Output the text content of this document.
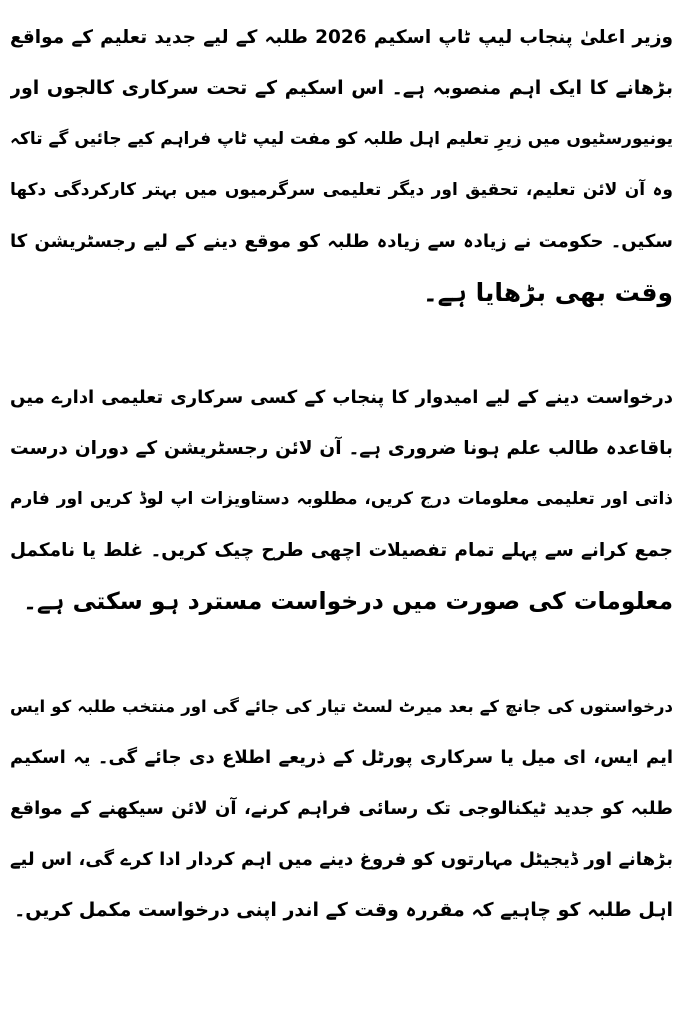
وزیر اعلیٰ پنجاب لیپ ٹاپ اسکیم 2026 طلبہ کے لیے جدید تعلیم کے مواقع
بڑھانے کا ایک اہم منصوبہ ہے۔ اس اسکیم کے تحت سرکاری کالجوں اور
یونیورسٹیوں میں زیرِ تعلیم اہل طلبہ کو مفت لیپ ٹاپ فراہم کیے جائیں گے تاکہ
وہ آن لائن تعلیم، تحقیق اور دیگر تعلیمی سرگرمیوں میں بہتر کارکردگی دکھا
سکیں۔ حکومت نے زیادہ سے زیادہ طلبہ کو موقع دینے کے لیے رجسٹریشن کا
وقت بھی بڑھایا ہے۔
درخواست دینے کے لیے امیدوار کا پنجاب کے کسی سرکاری تعلیمی ادارے میں
باقاعدہ طالب علم ہونا ضروری ہے۔ آن لائن رجسٹریشن کے دوران درست
ذاتی اور تعلیمی معلومات درج کریں، مطلوبہ دستاویزات اپ لوڈ کریں اور فارم
جمع کرانے سے پہلے تمام تفصیلات اچھی طرح چیک کریں۔ غلط یا نامکمل
معلومات کی صورت میں درخواست مسترد ہو سکتی ہے۔
درخواستوں کی جانچ کے بعد میرٹ لسٹ تیار کی جائے گی اور منتخب طلبہ کو ایس
ایم ایس، ای میل یا سرکاری پورٹل کے ذریعے اطلاع دی جائے گی۔ یہ اسکیم
طلبہ کو جدید ٹیکنالوجی تک رسائی فراہم کرنے، آن لائن سیکھنے کے مواقع
بڑھانے اور ڈیجیٹل مہارتوں کو فروغ دینے میں اہم کردار ادا کرے گی، اس لیے
اہل طلبہ کو چاہیے کہ مقررہ وقت کے اندر اپنی درخواست مکمل کریں۔
